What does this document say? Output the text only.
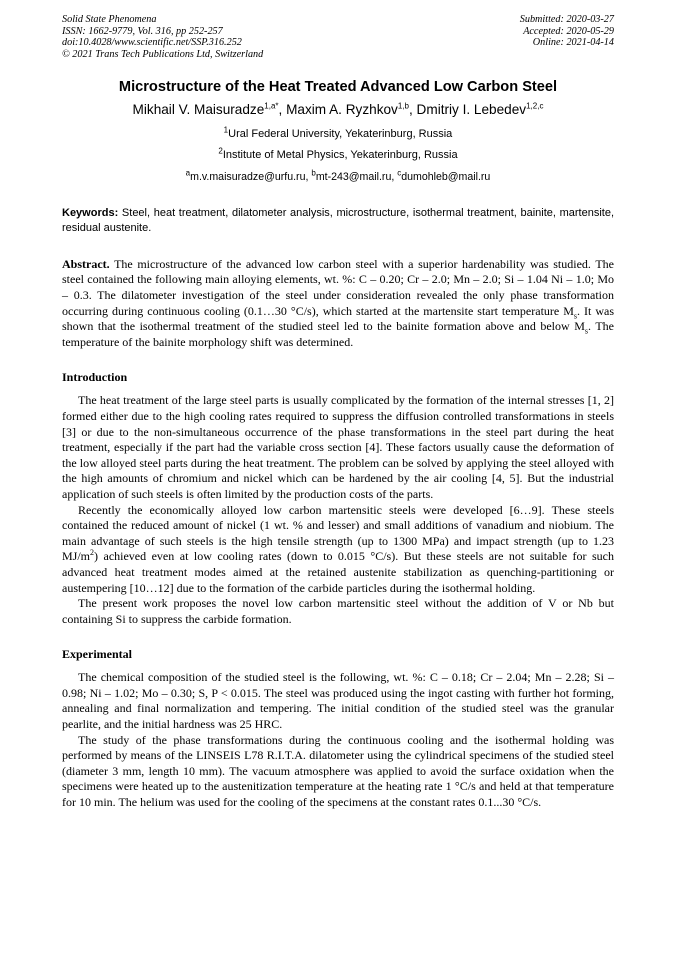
Solid State Phenomena
ISSN: 1662-9779, Vol. 316, pp 252-257
doi:10.4028/www.scientific.net/SSP.316.252
© 2021 Trans Tech Publications Ltd, Switzerland
Submitted: 2020-03-27
Accepted: 2020-05-29
Online: 2021-04-14
Microstructure of the Heat Treated Advanced Low Carbon Steel
Mikhail V. Maisuradze$^{1,a*}$, Maxim A. Ryzhkov$^{1,b}$, Dmitriy I. Lebedev$^{1,2,c}$
$^1$Ural Federal University, Yekaterinburg, Russia
$^2$Institute of Metal Physics, Yekaterinburg, Russia
$^a$m.v.maisuradze@urfu.ru, $^b$mt-243@mail.ru, $^c$dumohleb@mail.ru
Keywords: Steel, heat treatment, dilatometer analysis, microstructure, isothermal treatment, bainite, martensite, residual austenite.
Abstract. The microstructure of the advanced low carbon steel with a superior hardenability was studied. The steel contained the following main alloying elements, wt. %: C – 0.20; Cr – 2.0; Mn – 2.0; Si – 1.04 Ni – 1.0; Mo – 0.3. The dilatometer investigation of the steel under consideration revealed the only phase transformation occurring during continuous cooling (0.1…30 °C/s), which started at the martensite start temperature $M_s$. It was shown that the isothermal treatment of the studied steel led to the bainite formation above and below $M_s$. The temperature of the bainite morphology shift was determined.
Introduction

The heat treatment of the large steel parts is usually complicated by the formation of the internal stresses [1, 2] formed either due to the high cooling rates required to suppress the diffusion controlled transformations in steels [3] or due to the non-simultaneous occurrence of the phase transformations in the steel part during the heat treatment, especially if the part had the variable cross section [4]. These factors usually cause the deformation of the low alloyed steel parts during the heat treatment. The problem can be solved by applying the steel alloyed with the high amounts of chromium and nickel which can be hardened by the air cooling [4, 5]. But the industrial application of such steels is often limited by the production costs of the parts.

Recently the economically alloyed low carbon martensitic steels were developed [6…9]. These steels contained the reduced amount of nickel (1 wt. % and lesser) and small additions of vanadium and niobium. The main advantage of such steels is the high tensile strength (up to 1300 MPa) and impact strength (up to 1.23 $MJ/m^2$) achieved even at low cooling rates (down to 0.015 °C/s). But these steels are not suitable for such advanced heat treatment modes aimed at the retained austenite stabilization as quenching-partitioning or austempering [10…12] due to the formation of the carbide particles during the isothermal holding.

The present work proposes the novel low carbon martensitic steel without the addition of V or Nb but containing Si to suppress the carbide formation.

Experimental

The chemical composition of the studied steel is the following, wt. %: C – 0.18; Cr – 2.04; Mn – 2.28; Si – 0.98; Ni – 1.02; Mo – 0.30; S, P < 0.015. The steel was produced using the ingot casting with further hot forming, annealing and final normalization and tempering. The initial condition of the studied steel was the granular pearlite, and the initial hardness was 25 HRC.

The study of the phase transformations during the continuous cooling and the isothermal holding was performed by means of the LINSEIS L78 R.I.T.A. dilatometer using the cylindrical specimens of the studied steel (diameter 3 mm, length 10 mm). The vacuum atmosphere was applied to avoid the surface oxidation when the specimens were heated up to the austenitization temperature at the heating rate 1 °C/s and held at that temperature for 10 min. The helium was used for the cooling of the specimens at the constant rates 0.1...30 °C/s.
